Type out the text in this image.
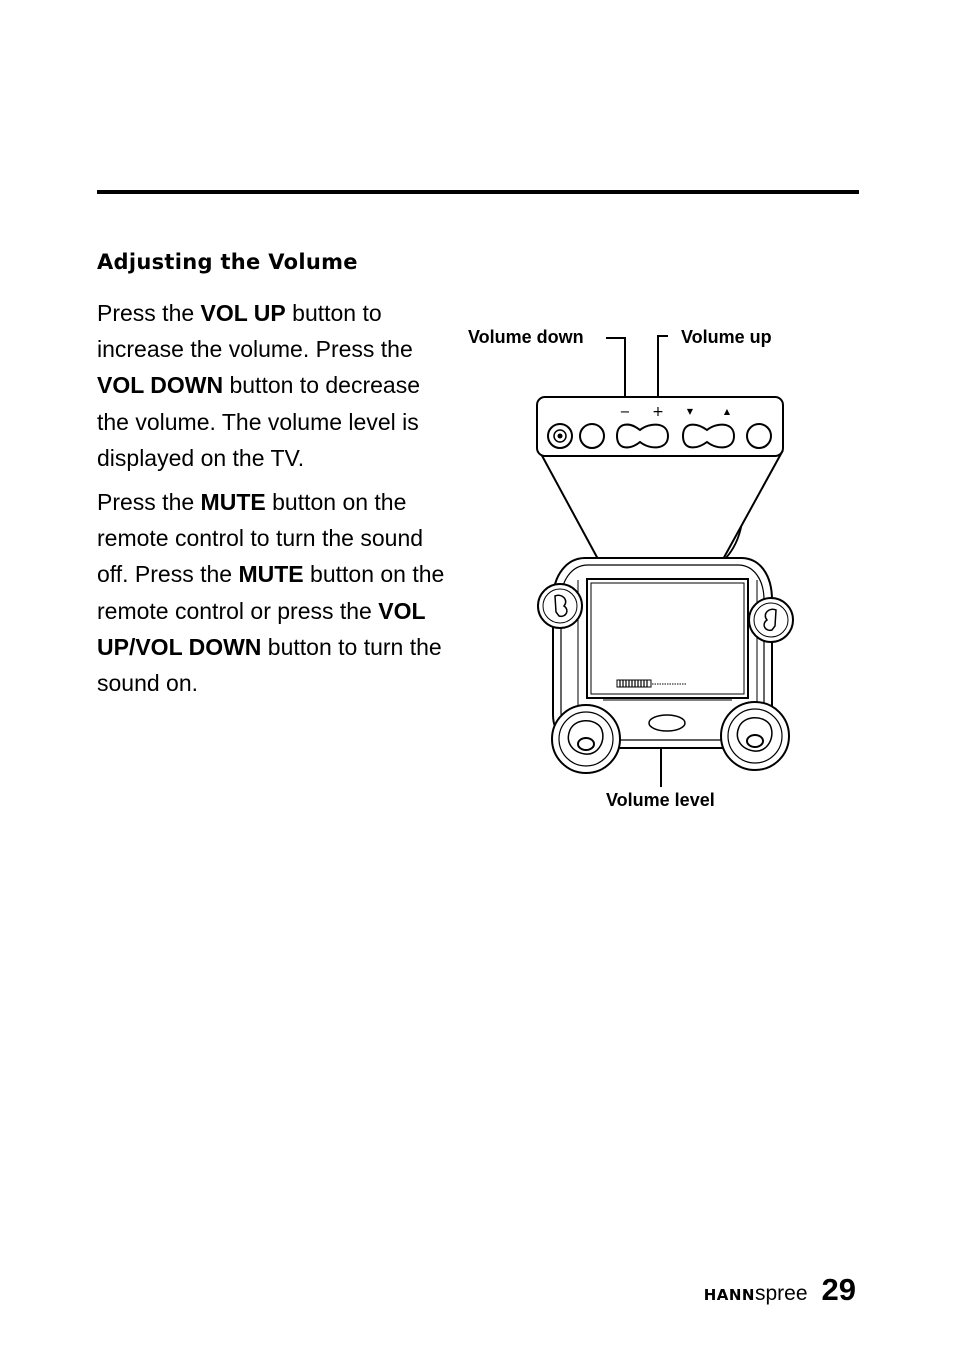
Adjusting the Volume

Press the VOL UP button to increase the volume. Press the VOL DOWN button to decrease the volume. The volume level is displayed on the TV.

Press the MUTE button on the remote control to turn the sound off. Press the MUTE button on the remote control or press the VOL UP/VOL DOWN button to turn the sound on.

Volume down	Volume up
Volume level
− +	▼	▲
HANN spree 29
